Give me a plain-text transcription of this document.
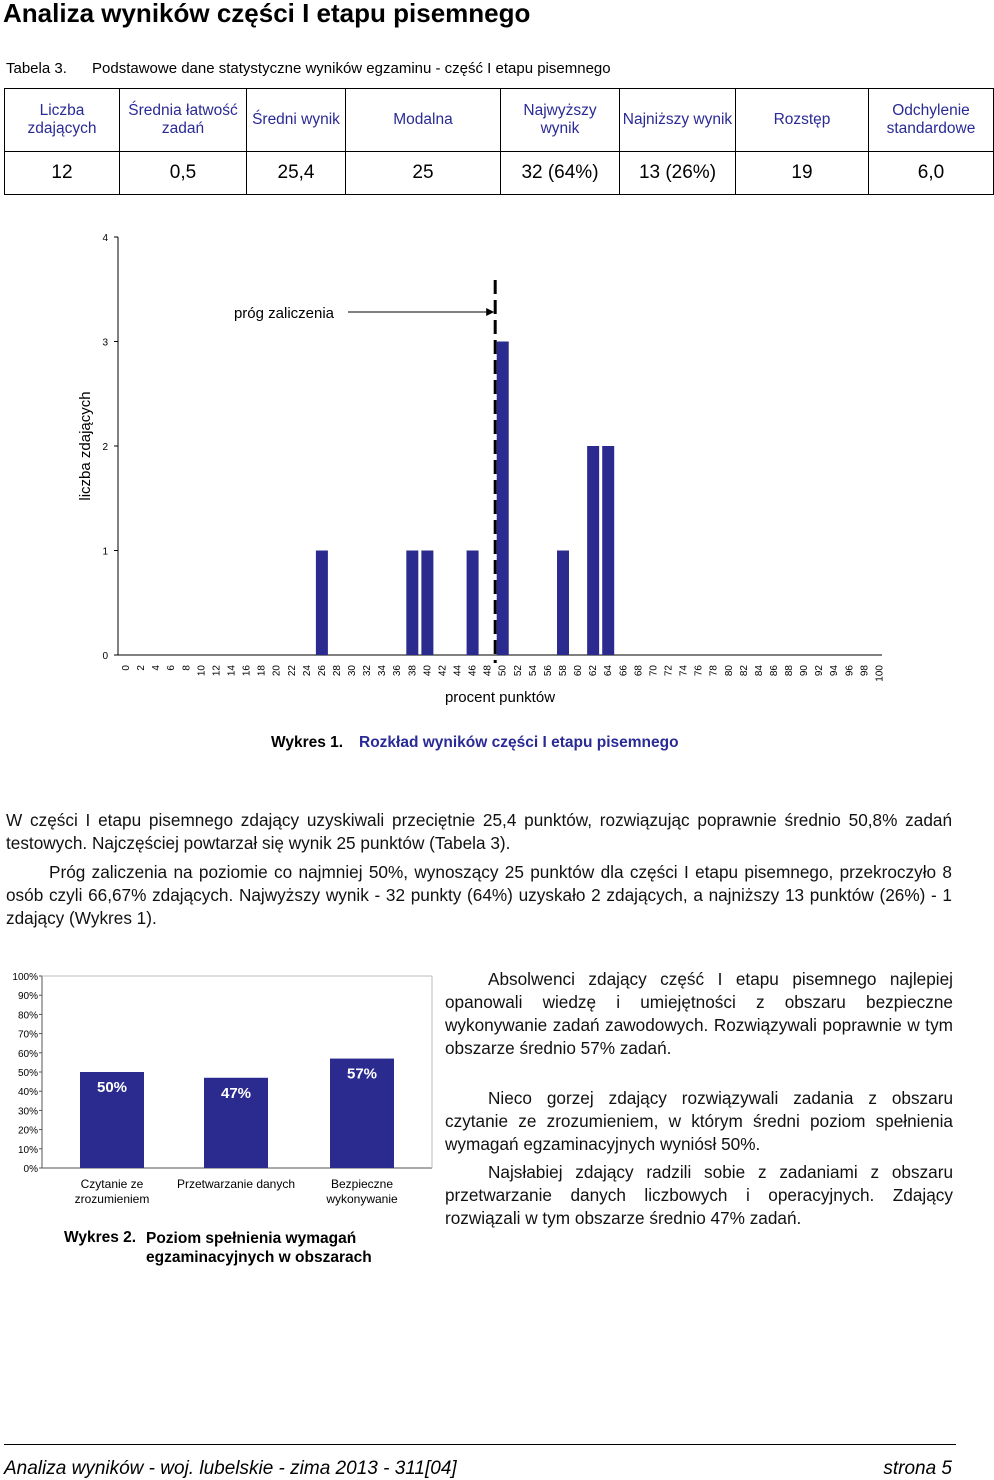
Analiza wyników części I etapu pisemnego
Tabela 3. Podstawowe dane statystyczne wyników egzaminu - część I etapu pisemnego
Liczba zdających	Średnia łatwość zadań	Średni wynik	Modalna	Najwyższy wynik	Najniższy wynik	Rozstęp	Odchylenie standardowe
12	0,5	25,4	25	32 (64%)	13 (26%)	19	6,0
0
1
2
3
4
0 2 4 6 8 10 12 14 16 18 20 22 24 26 28 30 32 34 36 38 40 42 44 46 48 50 52 54 56 58 60 62 64 66 68 70 72 74 76 78 80 82 84 86 88 90 92 94 96 98 100
liczba zdających
procent punktów
próg zaliczenia
Wykres 1. Rozkład wyników części I etapu pisemnego
W części I etapu pisemnego zdający uzyskiwali przeciętnie 25,4 punktów, rozwiązując poprawnie średnio 50,8% zadań testowych. Najczęściej powtarzał się wynik 25 punktów (Tabela 3).
Próg zaliczenia na poziomie co najmniej 50%, wynoszący 25 punktów dla części I etapu pisemnego, przekroczyło 8 osób czyli 66,67% zdających. Najwyższy wynik - 32 punkty (64%) uzyskało 2 zdających, a najniższy 13 punktów (26%) - 1 zdający (Wykres 1).
0%
10%
20%
30%
40%
50%
60%
70%
80%
90%
100%
50%
Czytanie ze
zrozumieniem
47%
Przetwarzanie danych
57%
Bezpieczne
wykonywanie
Wykres 2. Poziom spełnienia wymagań egzaminacyjnych w obszarach
Absolwenci zdający część I etapu pisemnego najlepiej opanowali wiedzę i umiejętności z obszaru bezpieczne wykonywanie zadań zawodowych. Rozwiązywali poprawnie w tym obszarze średnio 57% zadań.
Nieco gorzej zdający rozwiązywali zadania z obszaru czytanie ze zrozumieniem, w którym średni poziom spełnienia wymagań egzaminacyjnych wyniósł 50%.
Najsłabiej zdający radzili sobie z zadaniami z obszaru przetwarzanie danych liczbowych i operacyjnych. Zdający rozwiązali w tym obszarze średnio 47% zadań.
Analiza wyników - woj. lubelskie - zima 2013 - 311[04]	strona 5
